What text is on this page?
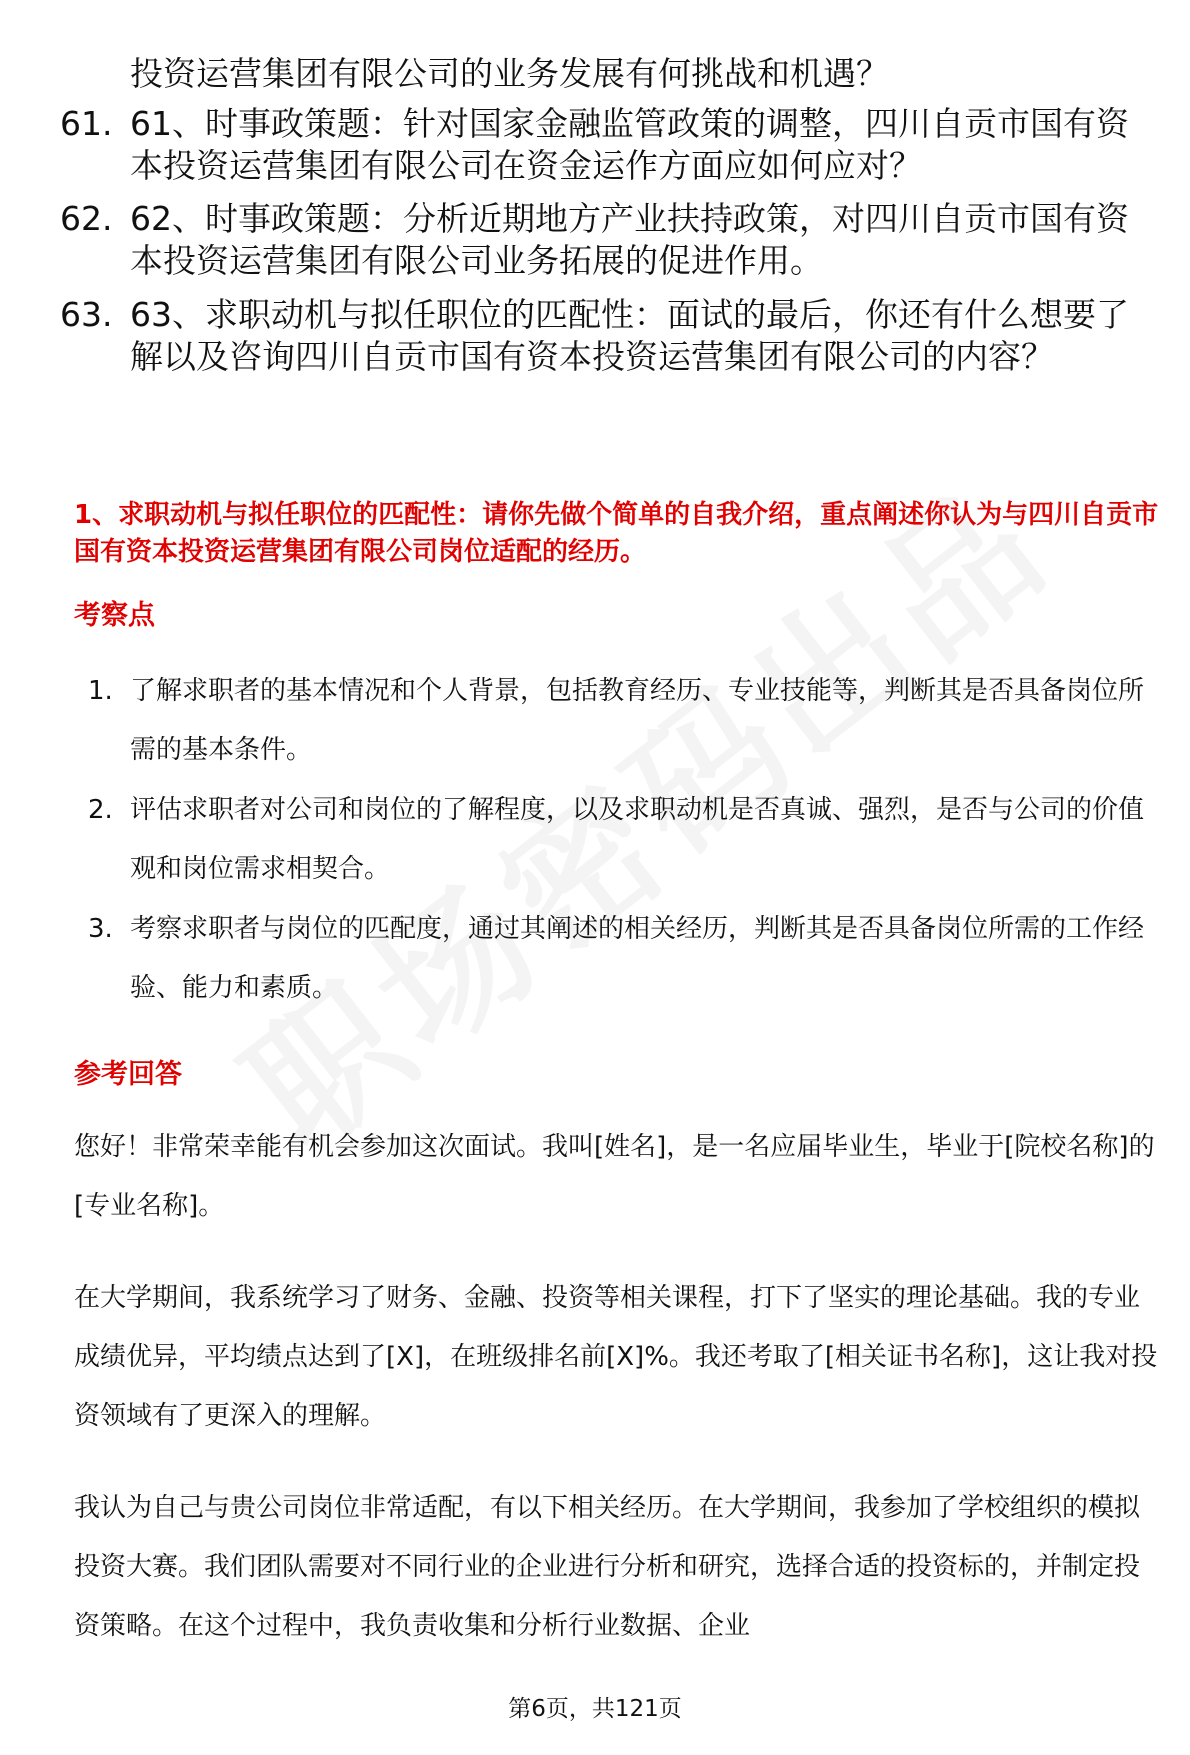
投资运营集团有限公司的业务发展有何挑战和机遇？
61. 61、时事政策题：针对国家金融监管政策的调整，四川自贡市国有资本投资运营集团有限公司在资金运作方面应如何应对？
62. 62、时事政策题：分析近期地方产业扶持政策，对四川自贡市国有资本投资运营集团有限公司业务拓展的促进作用。
63. 63、求职动机与拟任职位的匹配性：面试的最后，你还有什么想要了解以及咨询四川自贡市国有资本投资运营集团有限公司的内容？
1、求职动机与拟任职位的匹配性：请你先做个简单的自我介绍，重点阐述你认为与四川自贡市国有资本投资运营集团有限公司岗位适配的经历。
考察点
1. 了解求职者的基本情况和个人背景，包括教育经历、专业技能等，判断其是否具备岗位所需的基本条件。
2. 评估求职者对公司和岗位的了解程度，以及求职动机是否真诚、强烈，是否与公司的价值观和岗位需求相契合。
3. 考察求职者与岗位的匹配度，通过其阐述的相关经历，判断其是否具备岗位所需的工作经验、能力和素质。
参考回答
您好！非常荣幸能有机会参加这次面试。我叫[姓名]，是一名应届毕业生，毕业于[院校名称]的[专业名称]。
在大学期间，我系统学习了财务、金融、投资等相关课程，打下了坚实的理论基础。我的专业成绩优异，平均绩点达到了[X]，在班级排名前[X]%。我还考取了[相关证书名称]，这让我对投资领域有了更深入的理解。
我认为自己与贵公司岗位非常适配，有以下相关经历。在大学期间，我参加了学校组织的模拟投资大赛。我们团队需要对不同行业的企业进行分析和研究，选择合适的投资标的，并制定投资策略。在这个过程中，我负责收集和分析行业数据、企业
第6页，共121页
